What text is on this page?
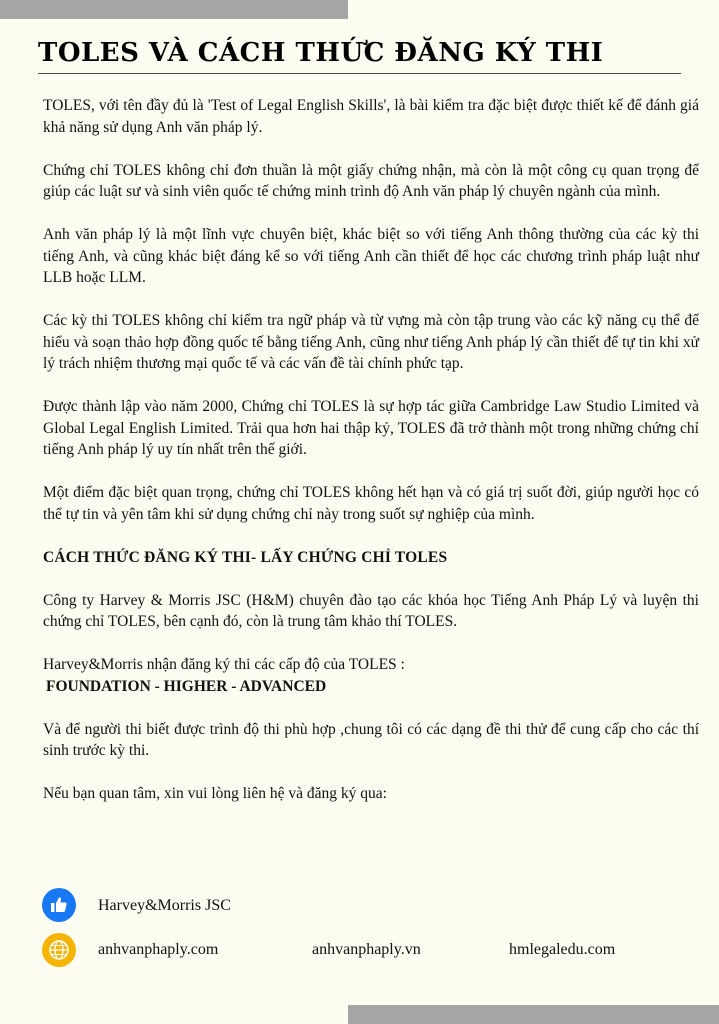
TOLES VÀ CÁCH THỨC ĐĂNG KÝ THI

TOLES, với tên đầy đủ là 'Test of Legal English Skills', là bài kiểm tra đặc biệt được thiết kế để đánh giá khả năng sử dụng Anh văn pháp lý.

Chứng chỉ TOLES không chỉ đơn thuần là một giấy chứng nhận, mà còn là một công cụ quan trọng để giúp các luật sư và sinh viên quốc tế chứng minh trình độ Anh văn pháp lý chuyên ngành của mình.

Anh văn pháp lý là một lĩnh vực chuyên biệt, khác biệt so với tiếng Anh thông thường của các kỳ thi tiếng Anh, và cũng khác biệt đáng kể so với tiếng Anh cần thiết để học các chương trình pháp luật như LLB hoặc LLM.

Các kỳ thi TOLES không chỉ kiểm tra ngữ pháp và từ vựng mà còn tập trung vào các kỹ năng cụ thể để hiểu và soạn thảo hợp đồng quốc tế bằng tiếng Anh, cũng như tiếng Anh pháp lý cần thiết để tự tin khi xử lý trách nhiệm thương mại quốc tế và các vấn đề tài chính phức tạp.

Được thành lập vào năm 2000, Chứng chỉ TOLES là sự hợp tác giữa Cambridge Law Studio Limited và Global Legal English Limited. Trải qua hơn hai thập kỷ, TOLES đã trở thành một trong những chứng chỉ tiếng Anh pháp lý uy tín nhất trên thế giới.

Một điểm đặc biệt quan trọng, chứng chỉ TOLES không hết hạn và có giá trị suốt đời, giúp người học có thể tự tin và yên tâm khi sử dụng chứng chỉ này trong suốt sự nghiệp của mình.

CÁCH THỨC ĐĂNG KÝ THI- LẤY CHỨNG CHỈ TOLES

Công ty Harvey & Morris JSC (H&M) chuyên đào tạo các khóa học Tiếng Anh Pháp Lý và luyện thi chứng chỉ TOLES, bên cạnh đó, còn là trung tâm khảo thí TOLES.

Harvey&Morris nhận đăng ký thi các cấp độ của TOLES :
FOUNDATION - HIGHER - ADVANCED

Và để người thi biết được trình độ thi phù hợp ,chung tôi có các dạng đề thi thử để cung cấp cho các thí sinh trước kỳ thi.

Nếu bạn quan tâm, xin vui lòng liên hệ và đăng ký qua:

Harvey&Morris JSC
anhvanphaply.com	anhvanphaply.vn	hmlegaledu.com
